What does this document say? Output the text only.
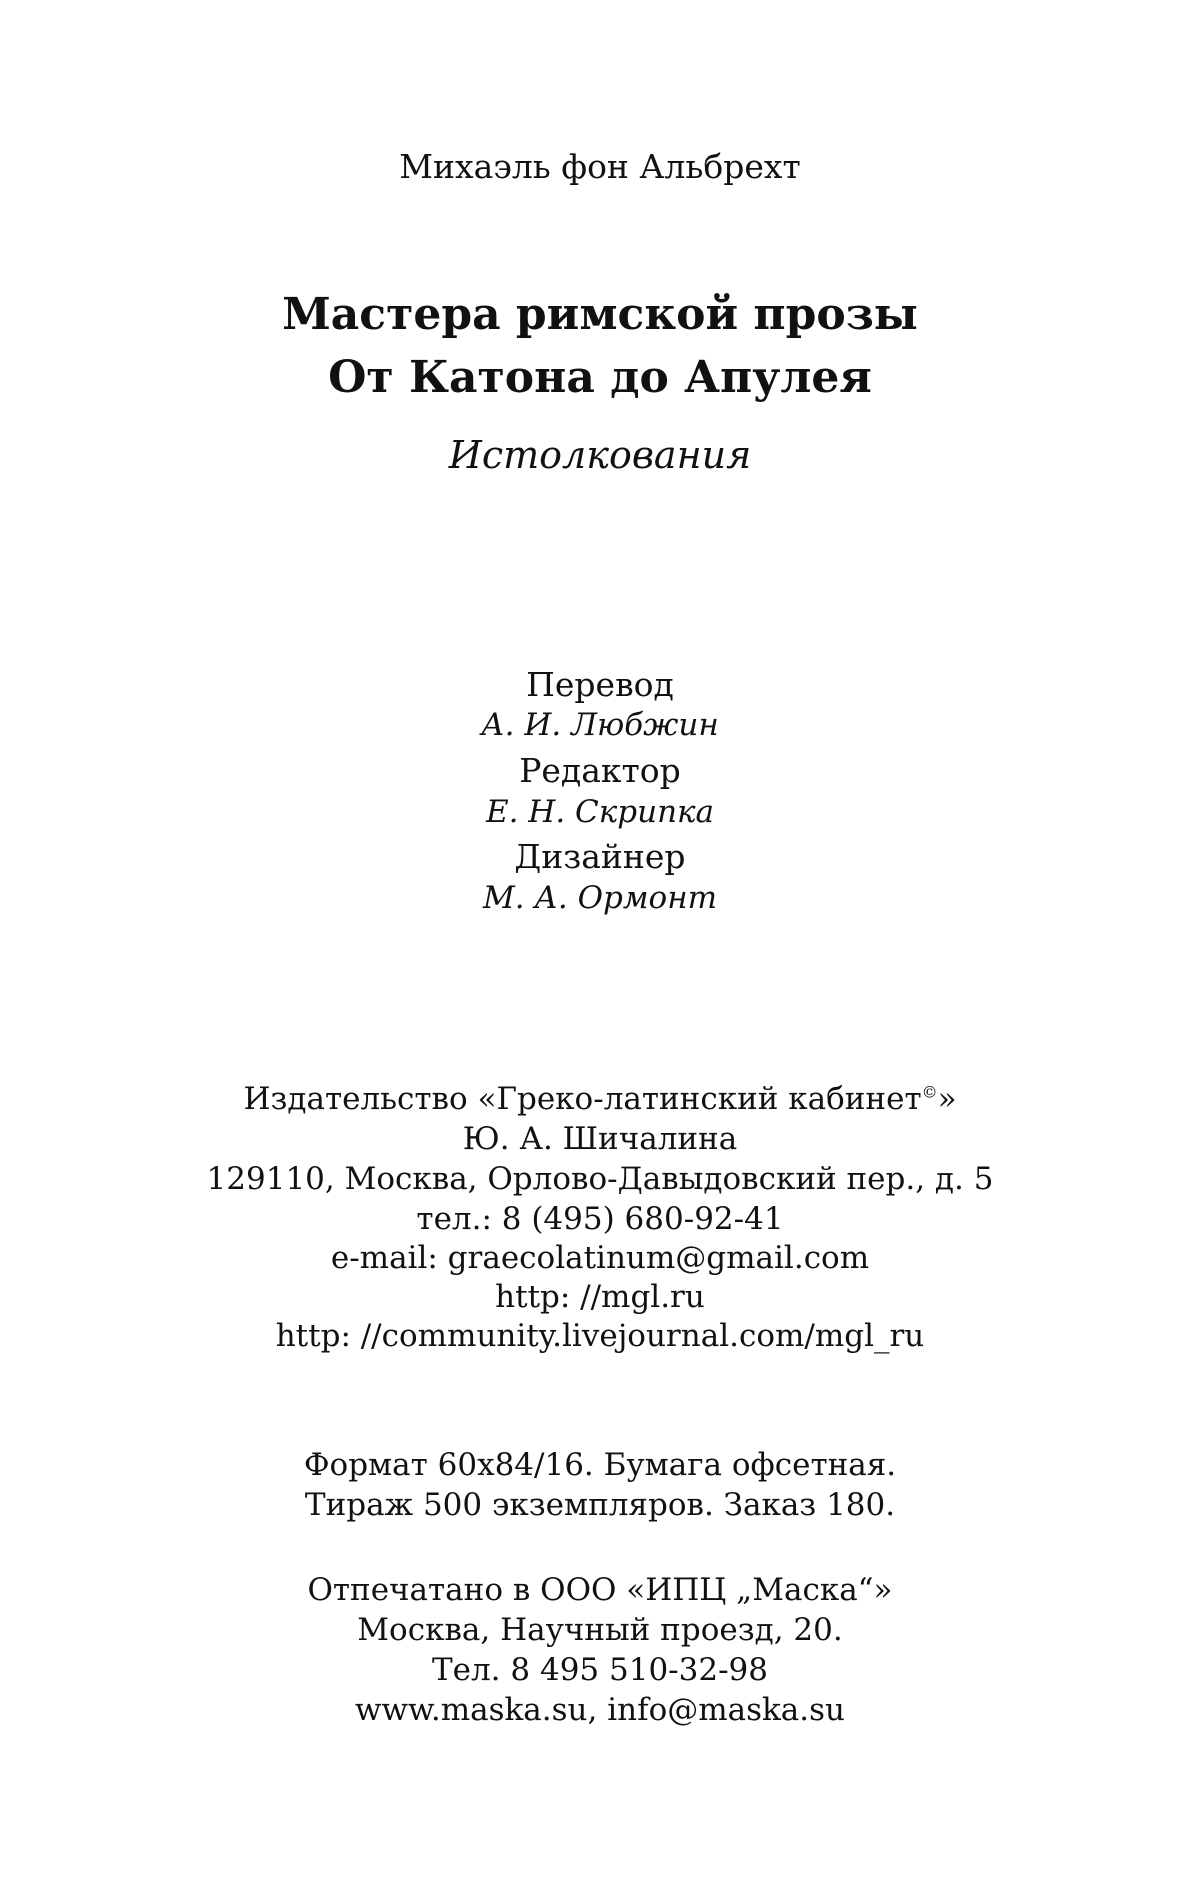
Михаэль фон Альбрехт
Мастера римской прозы
От Катона до Апулея
Истолкования
Перевод
А. И. Любжин
Редактор
Е. Н. Скрипка
Дизайнер
М. А. Ормонт
Издательство «Греко-латинский кабинет©»
Ю. А. Шичалина
129110, Москва, Орлово-Давыдовский пер., д. 5
тел.: 8 (495) 680-92-41
e-mail: graecolatinum@gmail.com
http: //mgl.ru
http: //community.livejournal.com/mgl_ru
Формат 60x84/16. Бумага офсетная.
Тираж 500 экземпляров. Заказ 180.
Отпечатано в ООО «ИПЦ „Маска“»
Москва, Научный проезд, 20.
Тел. 8 495 510-32-98
www.maska.su, info@maska.su
